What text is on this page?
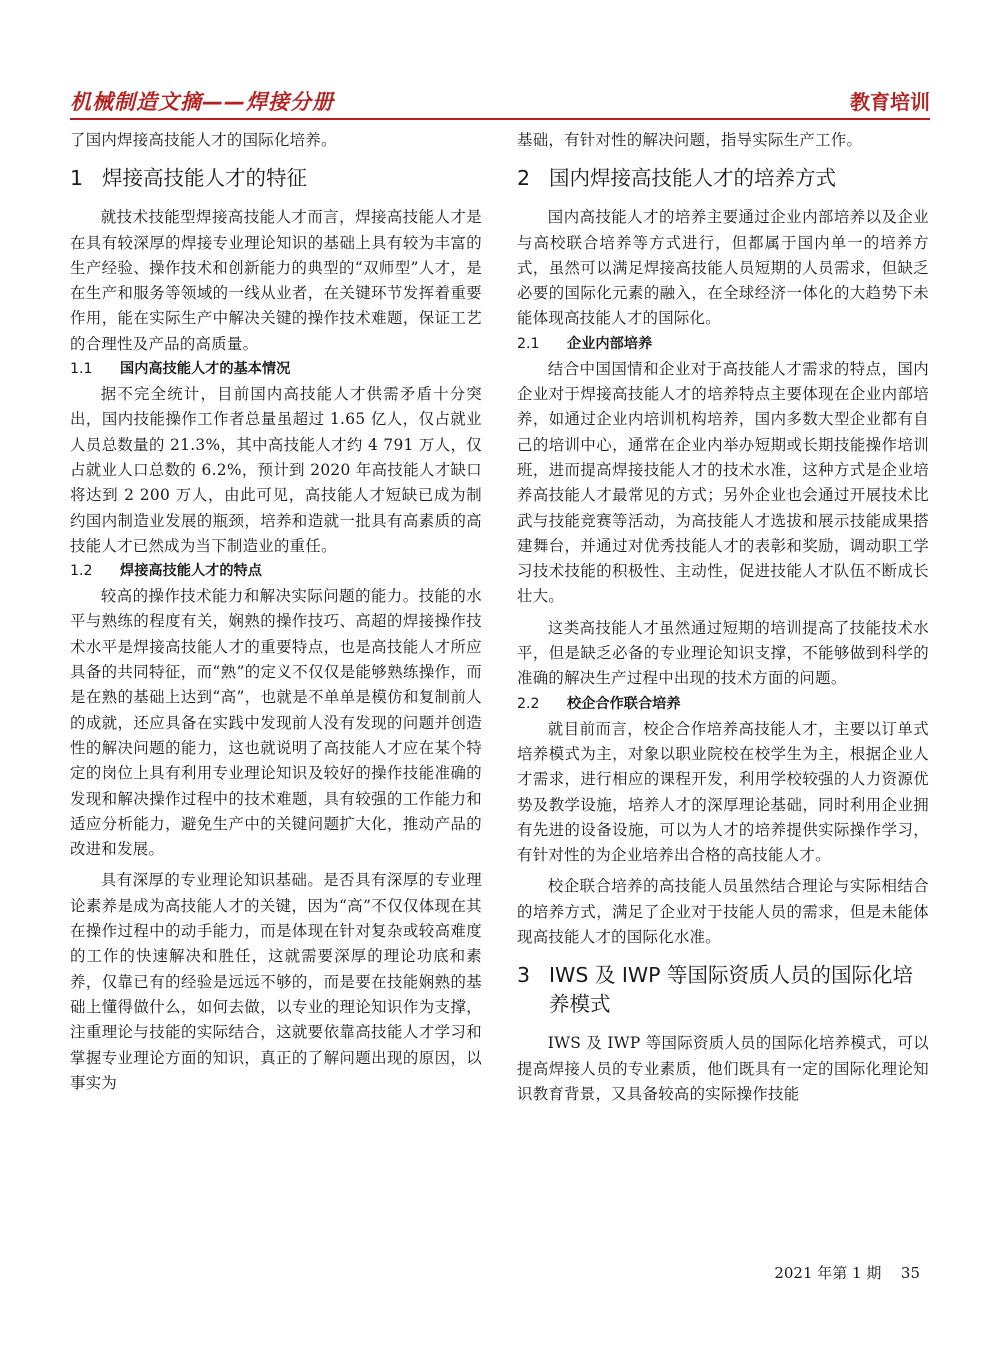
机械制造文摘——焊接分册	教育培训

了国内焊接高技能人才的国际化培养。

1 焊接高技能人才的特征

就技术技能型焊接高技能人才而言，焊接高技能人才是在具有较深厚的焊接专业理论知识的基础上具有较为丰富的生产经验、操作技术和创新能力的典型的“双师型”人才，是在生产和服务等领域的一线从业者，在关键环节发挥着重要作用，能在实际生产中解决关键的操作技术难题，保证工艺的合理性及产品的高质量。

1.1	国内高技能人才的基本情况

据不完全统计，目前国内高技能人才供需矛盾十分突出，国内技能操作工作者总量虽超过 1.65 亿人，仅占就业人员总数量的 21.3%，其中高技能人才约 4 791 万人，仅占就业人口总数的 6.2%，预计到 2020 年高技能人才缺口将达到 2 200 万人，由此可见，高技能人才短缺已成为制约国内制造业发展的瓶颈，培养和造就一批具有高素质的高技能人才已然成为当下制造业的重任。

1.2	焊接高技能人才的特点

较高的操作技术能力和解决实际问题的能力。技能的水平与熟练的程度有关，娴熟的操作技巧、高超的焊接操作技术水平是焊接高技能人才的重要特点，也是高技能人才所应具备的共同特征，而“熟”的定义不仅仅是能够熟练操作，而是在熟的基础上达到“高”，也就是不单单是模仿和复制前人的成就，还应具备在实践中发现前人没有发现的问题并创造性的解决问题的能力，这也就说明了高技能人才应在某个特定的岗位上具有利用专业理论知识及较好的操作技能准确的发现和解决操作过程中的技术难题，具有较强的工作能力和适应分析能力，避免生产中的关键问题扩大化，推动产品的改进和发展。

具有深厚的专业理论知识基础。是否具有深厚的专业理论素养是成为高技能人才的关键，因为“高”不仅仅体现在其在操作过程中的动手能力，而是体现在针对复杂或较高难度的工作的快速解决和胜任，这就需要深厚的理论功底和素养，仅靠已有的经验是远远不够的，而是要在技能娴熟的基础上懂得做什么，如何去做，以专业的理论知识作为支撑，注重理论与技能的实际结合，这就要依靠高技能人才学习和掌握专业理论方面的知识，真正的了解问题出现的原因，以事实为

基础，有针对性的解决问题，指导实际生产工作。

2 国内焊接高技能人才的培养方式

国内高技能人才的培养主要通过企业内部培养以及企业与高校联合培养等方式进行，但都属于国内单一的培养方式，虽然可以满足焊接高技能人员短期的人员需求，但缺乏必要的国际化元素的融入，在全球经济一体化的大趋势下未能体现高技能人才的国际化。

2.1	企业内部培养

结合中国国情和企业对于高技能人才需求的特点，国内企业对于焊接高技能人才的培养特点主要体现在企业内部培养，如通过企业内培训机构培养，国内多数大型企业都有自己的培训中心，通常在企业内举办短期或长期技能操作培训班，进而提高焊接技能人才的技术水准，这种方式是企业培养高技能人才最常见的方式；另外企业也会通过开展技术比武与技能竞赛等活动，为高技能人才选拔和展示技能成果搭建舞台，并通过对优秀技能人才的表彰和奖励，调动职工学习技术技能的积极性、主动性，促进技能人才队伍不断成长壮大。

这类高技能人才虽然通过短期的培训提高了技能技术水平，但是缺乏必备的专业理论知识支撑，不能够做到科学的准确的解决生产过程中出现的技术方面的问题。

2.2	校企合作联合培养

就目前而言，校企合作培养高技能人才，主要以订单式培养模式为主，对象以职业院校在校学生为主，根据企业人才需求，进行相应的课程开发，利用学校较强的人力资源优势及教学设施，培养人才的深厚理论基础，同时利用企业拥有先进的设备设施，可以为人才的培养提供实际操作学习，有针对性的为企业培养出合格的高技能人才。

校企联合培养的高技能人员虽然结合理论与实际相结合的培养方式，满足了企业对于技能人员的需求，但是未能体现高技能人才的国际化水准。

3 IWS 及 IWP 等国际资质人员的国际化培养模式

IWS 及 IWP 等国际资质人员的国际化培养模式，可以提高焊接人员的专业素质，他们既具有一定的国际化理论知识教育背景，又具备较高的实际操作技能

2021 年第 1 期 35
